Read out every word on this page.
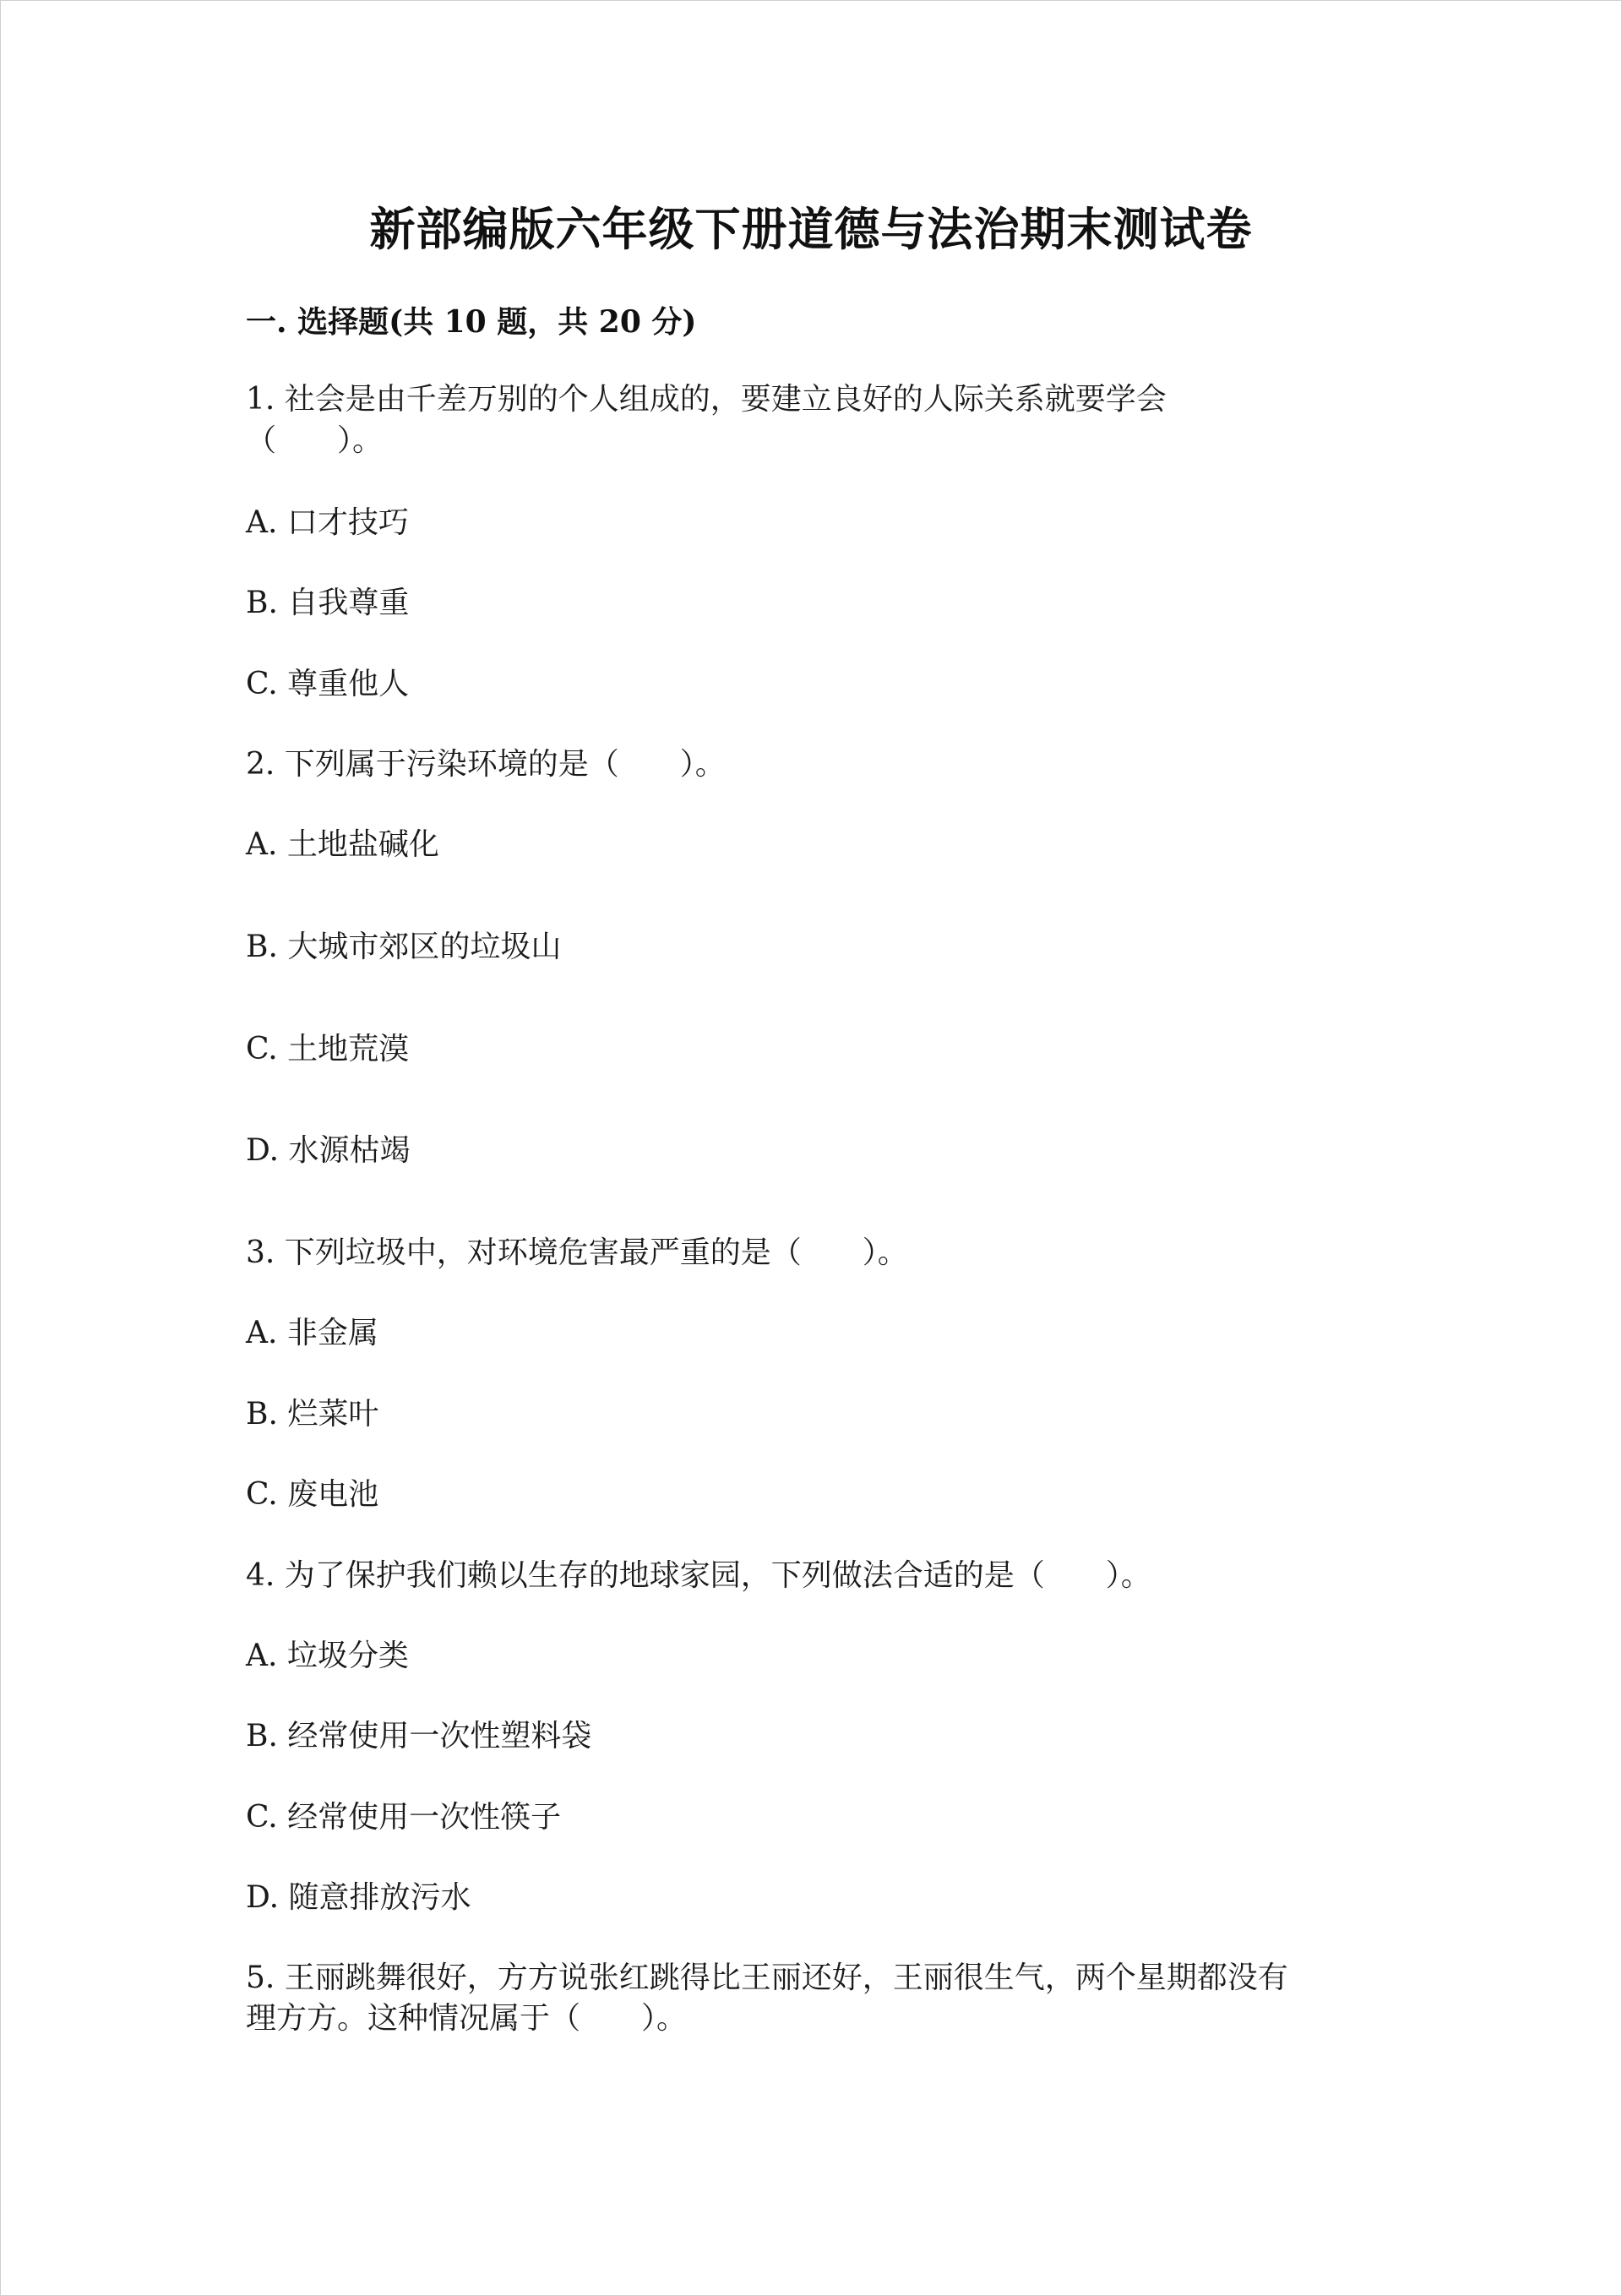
新部编版六年级下册道德与法治期末测试卷
一. 选择题(共 10 题，共 20 分)
1. 社会是由千差万别的个人组成的，要建立良好的人际关系就要学会
（　　）。
A. 口才技巧
B. 自我尊重
C. 尊重他人
2. 下列属于污染环境的是（　　）。
A. 土地盐碱化
B. 大城市郊区的垃圾山
C. 土地荒漠
D. 水源枯竭
3. 下列垃圾中，对环境危害最严重的是（　　）。
A. 非金属
B. 烂菜叶
C. 废电池
4. 为了保护我们赖以生存的地球家园，下列做法合适的是（　　）。
A. 垃圾分类
B. 经常使用一次性塑料袋
C. 经常使用一次性筷子
D. 随意排放污水
5. 王丽跳舞很好，方方说张红跳得比王丽还好，王丽很生气，两个星期都没有
理方方。这种情况属于（　　）。
